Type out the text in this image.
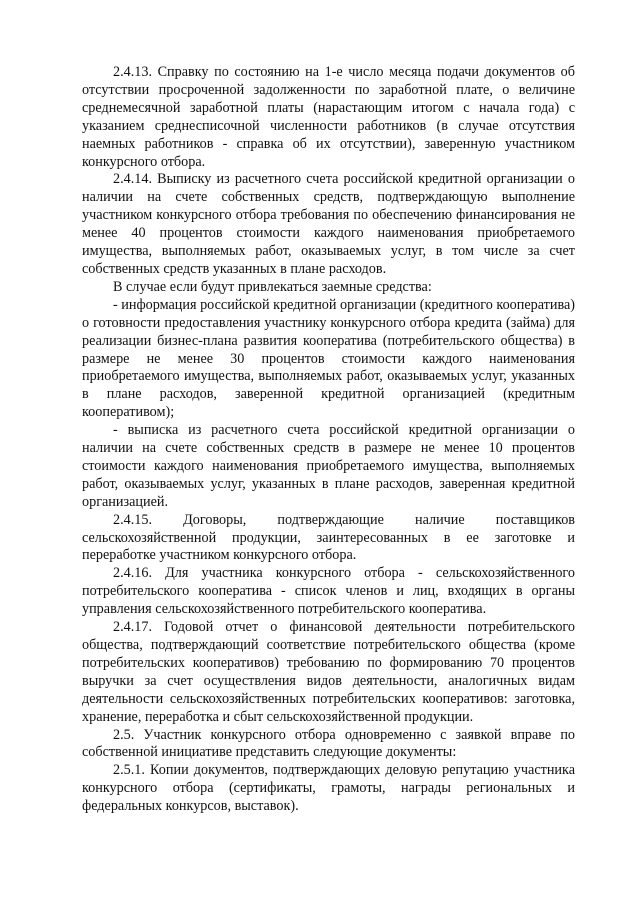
2.4.13. Справку по состоянию на 1-е число месяца подачи документов об отсутствии просроченной задолженности по заработной плате, о величине среднемесячной заработной платы (нарастающим итогом с начала года) с указанием среднесписочной численности работников (в случае отсутствия наемных работников - справка об их отсутствии), заверенную участником конкурсного отбора.

2.4.14. Выписку из расчетного счета российской кредитной организации о наличии на счете собственных средств, подтверждающую выполнение участником конкурсного отбора требования по обеспечению финансирования не менее 40 процентов стоимости каждого наименования приобретаемого имущества, выполняемых работ, оказываемых услуг, в том числе за счет собственных средств указанных в плане расходов.

В случае если будут привлекаться заемные средства:

- информация российской кредитной организации (кредитного кооператива) о готовности предоставления участнику конкурсного отбора кредита (займа) для реализации бизнес-плана развития кооператива (потребительского общества) в размере не менее 30 процентов стоимости каждого наименования приобретаемого имущества, выполняемых работ, оказываемых услуг, указанных в плане расходов, заверенной кредитной организацией (кредитным кооперативом);

- выписка из расчетного счета российской кредитной организации о наличии на счете собственных средств в размере не менее 10 процентов стоимости каждого наименования приобретаемого имущества, выполняемых работ, оказываемых услуг, указанных в плане расходов, заверенная кредитной организацией.

2.4.15. Договоры, подтверждающие наличие поставщиков сельскохозяйственной продукции, заинтересованных в ее заготовке и переработке участником конкурсного отбора.

2.4.16. Для участника конкурсного отбора - сельскохозяйственного потребительского кооператива - список членов и лиц, входящих в органы управления сельскохозяйственного потребительского кооператива.

2.4.17. Годовой отчет о финансовой деятельности потребительского общества, подтверждающий соответствие потребительского общества (кроме потребительских кооперативов) требованию по формированию 70 процентов выручки за счет осуществления видов деятельности, аналогичных видам деятельности сельскохозяйственных потребительских кооперативов: заготовка, хранение, переработка и сбыт сельскохозяйственной продукции.

2.5. Участник конкурсного отбора одновременно с заявкой вправе по собственной инициативе представить следующие документы:

2.5.1. Копии документов, подтверждающих деловую репутацию участника конкурсного отбора (сертификаты, грамоты, награды региональных и федеральных конкурсов, выставок).
